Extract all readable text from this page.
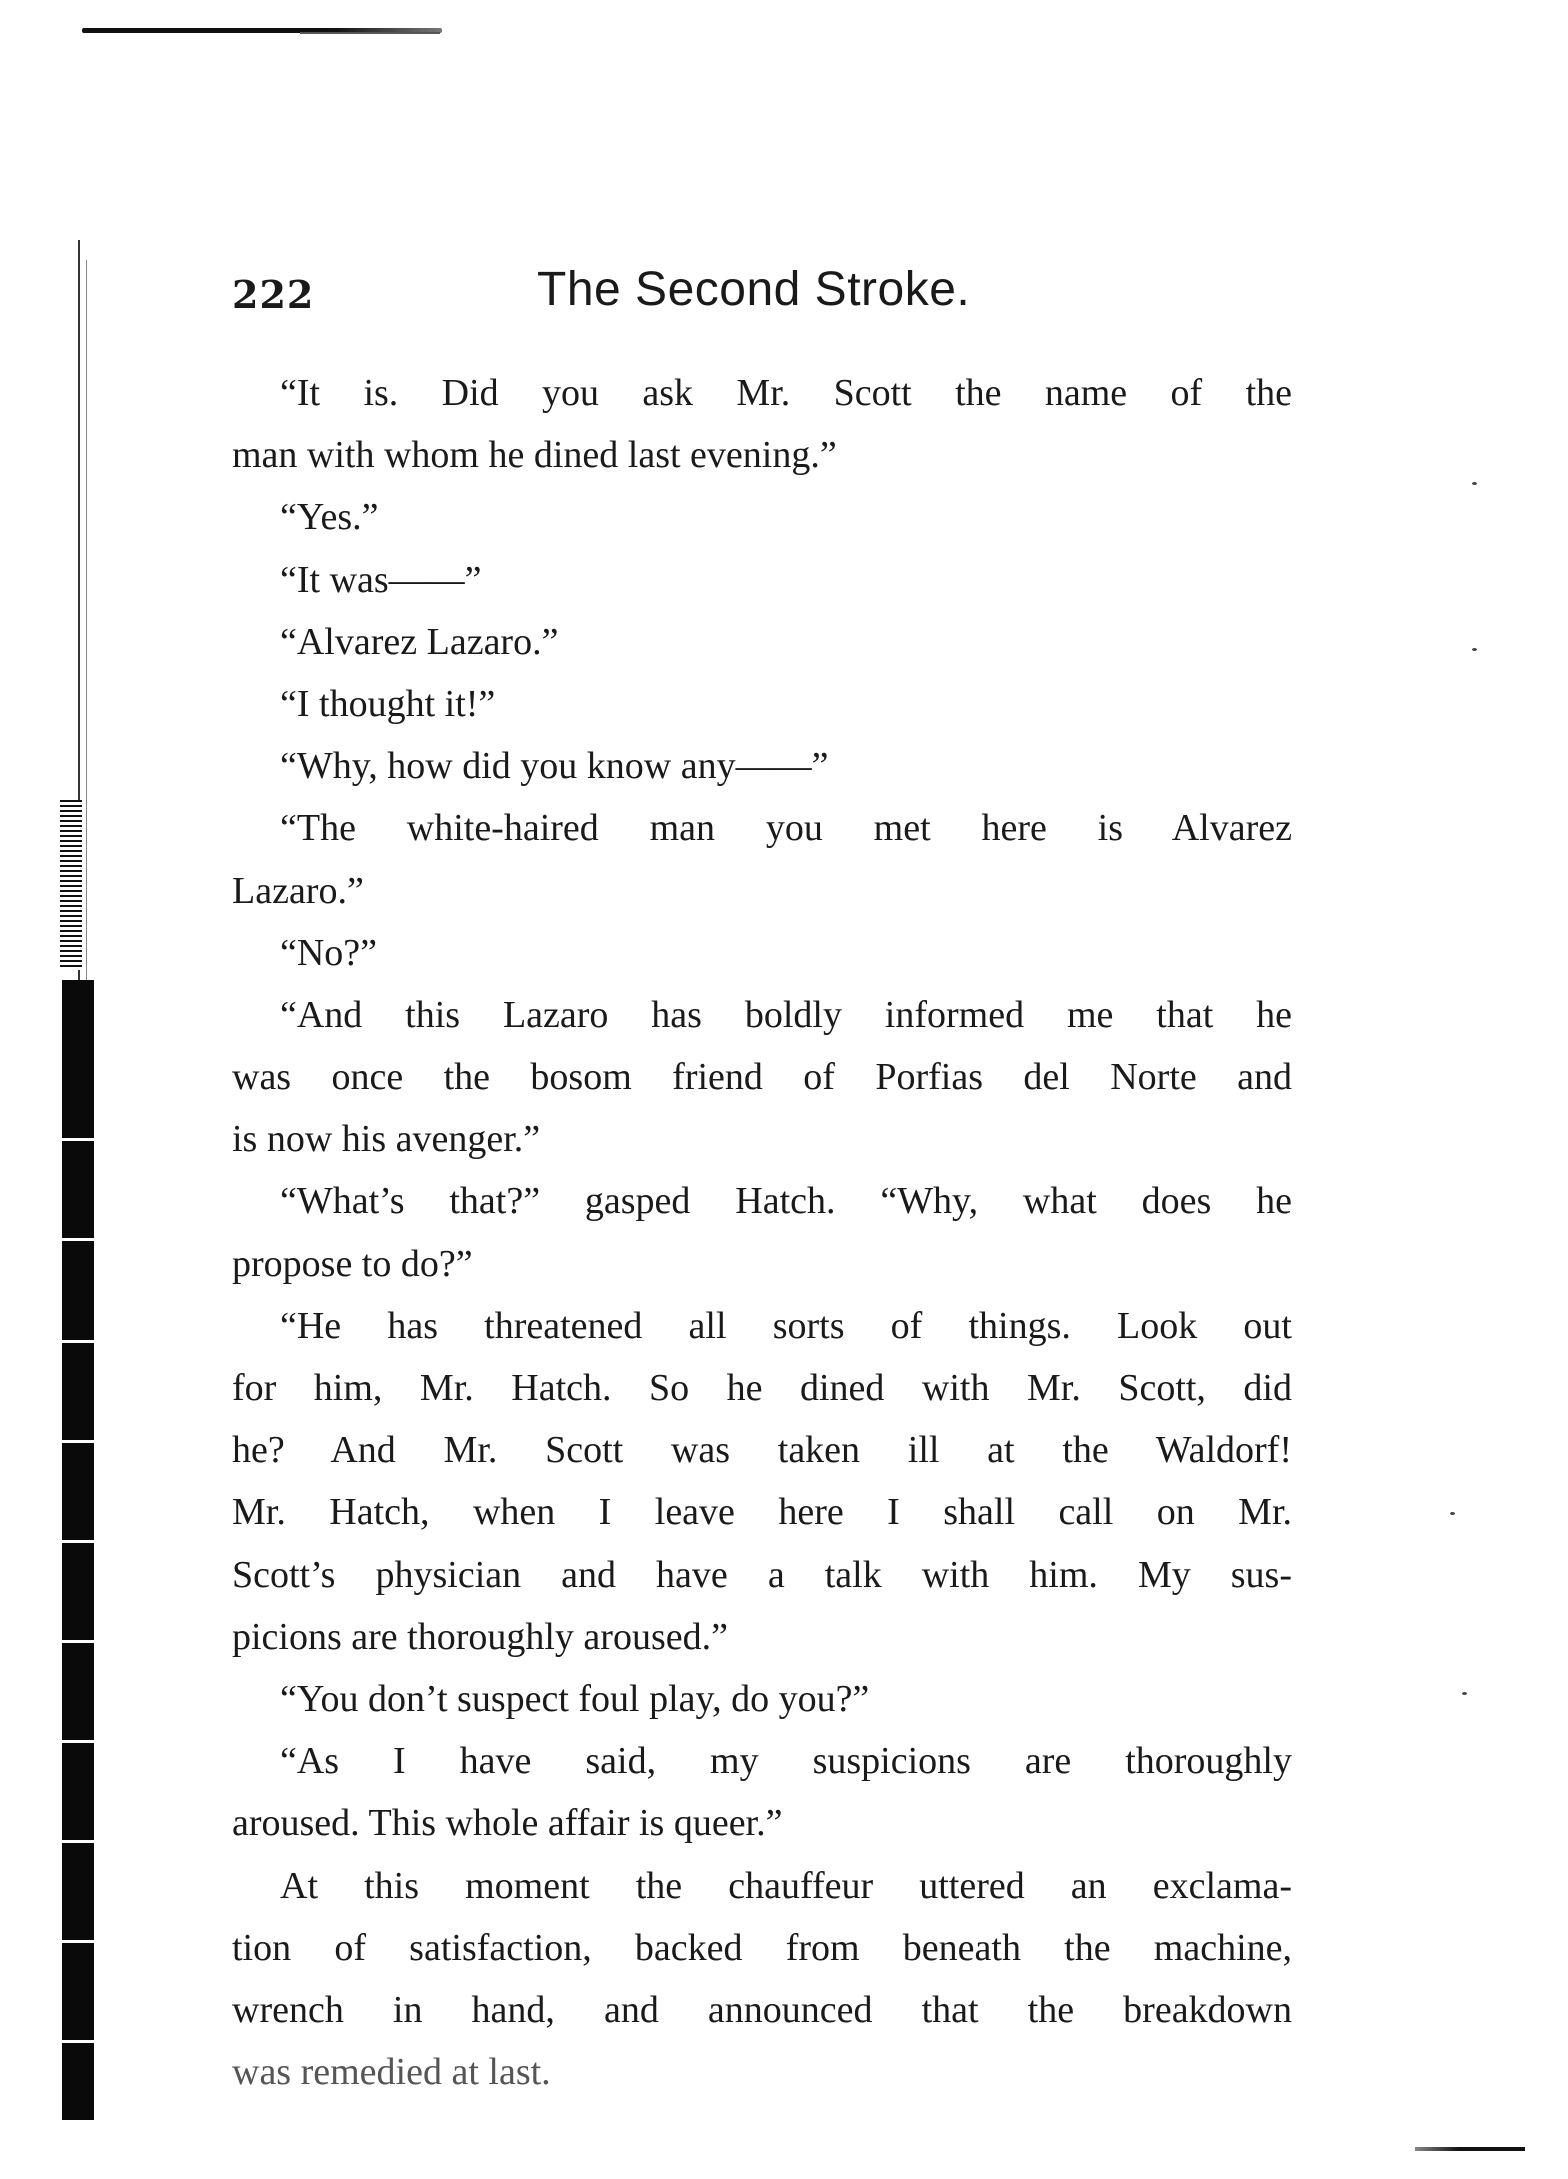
222	The Second Stroke.
“It is. Did you ask Mr. Scott the name of the
man with whom he dined last evening.”
“Yes.”
“It was——”
“Alvarez Lazaro.”
“I thought it!”
“Why, how did you know any——”
“The white-haired man you met here is Alvarez
Lazaro.”
“No?”
“And this Lazaro has boldly informed me that he
was once the bosom friend of Porfias del Norte and
is now his avenger.”
“What’s that?” gasped Hatch. “Why, what does he
propose to do?”
“He has threatened all sorts of things. Look out
for him, Mr. Hatch. So he dined with Mr. Scott, did
he? And Mr. Scott was taken ill at the Waldorf!
Mr. Hatch, when I leave here I shall call on Mr.
Scott’s physician and have a talk with him. My sus-
picions are thoroughly aroused.”
“You don’t suspect foul play, do you?”
“As I have said, my suspicions are thoroughly
aroused. This whole affair is queer.”
At this moment the chauffeur uttered an exclama-
tion of satisfaction, backed from beneath the machine,
wrench in hand, and announced that the breakdown
was remedied at last.
